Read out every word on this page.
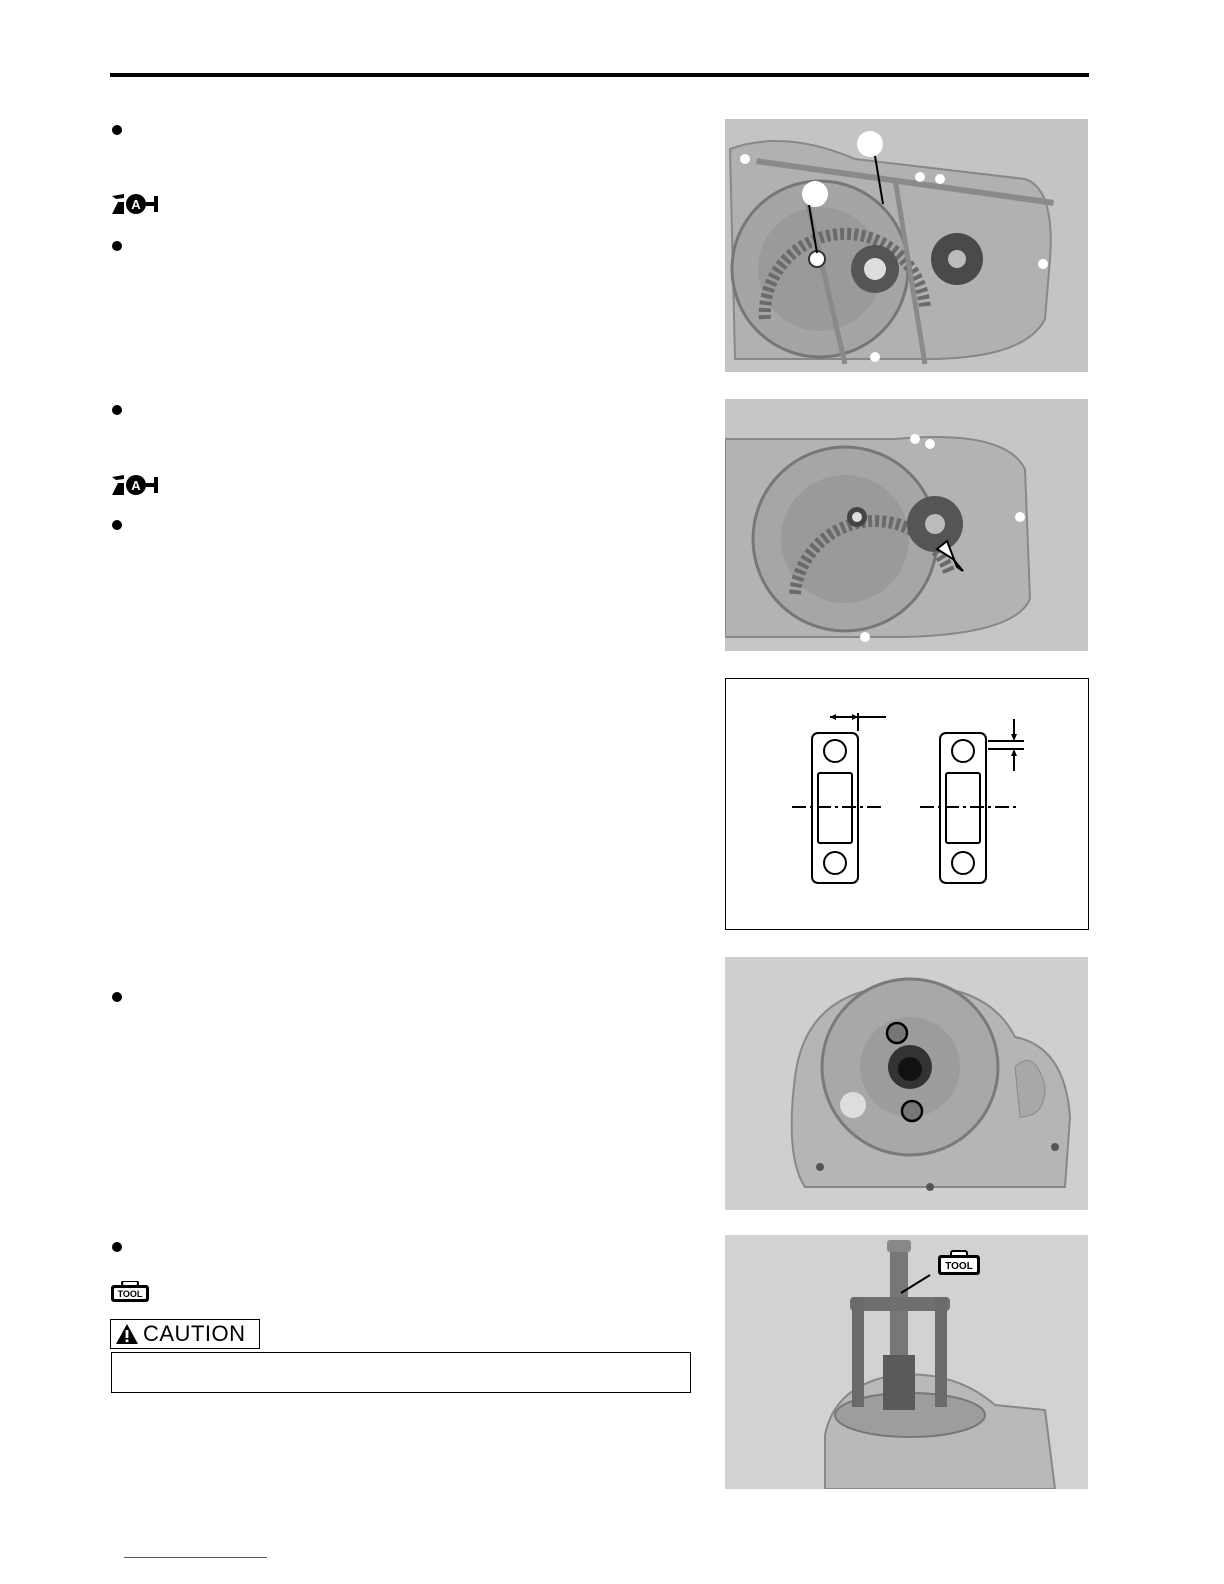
A
A
TOOL
CAUTION
TOOL
